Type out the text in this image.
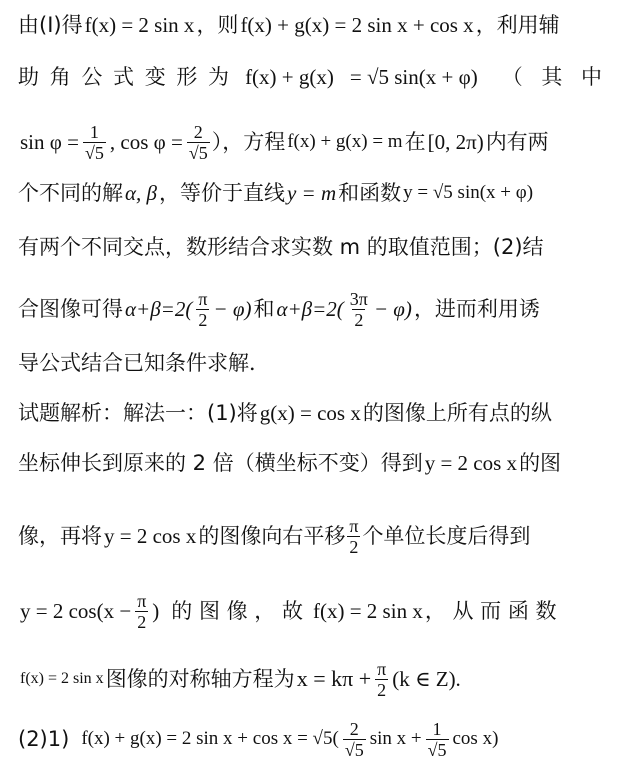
由(Ⅰ)得 f(x) = 2 sin x ，则 f(x) + g(x) = 2 sin x + cos x ，利用辅
助 角 公 式 变 形 为 f(x) + g(x) = √5 sin(x + φ) （ 其 中
$\sin \varphi = \frac{1}{√5}$ , $\cos \varphi = \frac{2}{√5}$ ），方程 f(x) + g(x) = m 在 [0, 2π) 内有两
个不同的解 α, β ，等价于直线 y = m 和函数 y = √5 sin(x + φ)
有两个不同交点，数形结合求实数 m 的取值范围；(2)结
合图像可得 $\alpha+\beta=2( \frac{\pi}{2} - \varphi)$ 和 $\alpha+\beta=2( \frac{3\pi}{2} - \varphi)$ ，进而利用诱
导公式结合已知条件求解．
试题解析：解法一：(1)将 g(x) = cos x 的图像上所有点的纵
坐标伸长到原来的 2 倍（横坐标不变）得到 y = 2 cos x 的图
像，再将 y = 2 cos x 的图像向右平移 $\frac{\pi}{2}$ 个单位长度后得到
y = 2 $\cos(x - \frac{\pi}{2}$ ) 的 图 像 ， 故 f(x) = 2 sin x ， 从 而 函 数
f(x) = 2 sin x 图像的对称轴方程为 $x = k\pi + \frac{\pi}{2} (k$ ∈ Z).
(2)1) f(x) + g(x) = 2 $\sin x + \cos x = √5( \frac{2}{√5}$ $\sin x + \frac{1}{√5}$ cos x)
